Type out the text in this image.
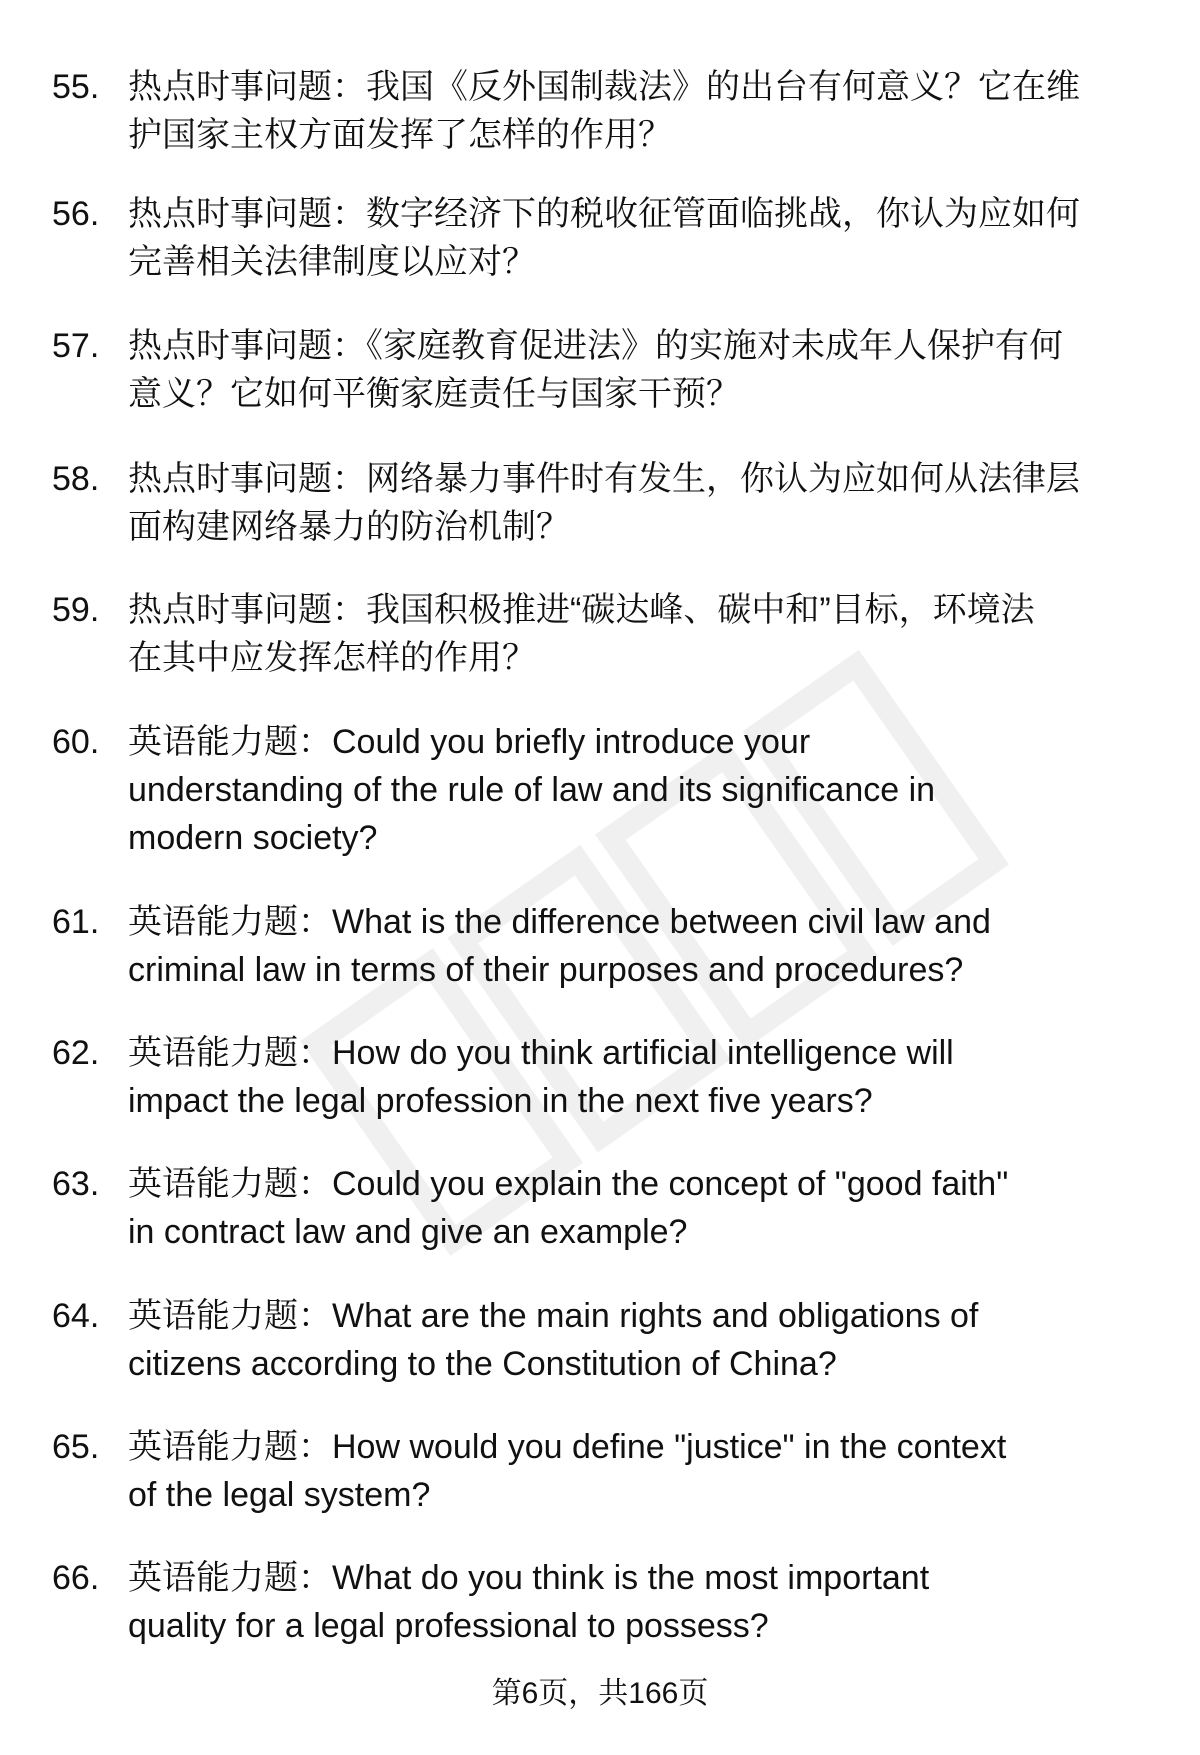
55. 热点时事问题：我国《反外国制裁法》的出台有何意义？它在维
护国家主权方面发挥了怎样的作用？
56. 热点时事问题：数字经济下的税收征管面临挑战，你认为应如何
完善相关法律制度以应对？
57. 热点时事问题：《家庭教育促进法》的实施对未成年人保护有何
意义？它如何平衡家庭责任与国家干预？
58. 热点时事问题：网络暴力事件时有发生，你认为应如何从法律层
面构建网络暴力的防治机制？
59. 热点时事问题：我国积极推进“碳达峰、碳中和”目标，环境法
在其中应发挥怎样的作用？
60. 英语能力题：Could you briefly introduce your
understanding of the rule of law and its significance in
modern society?
61. 英语能力题：What is the difference between civil law and
criminal law in terms of their purposes and procedures?
62. 英语能力题：How do you think artificial intelligence will
impact the legal profession in the next five years?
63. 英语能力题：Could you explain the concept of "good faith"
in contract law and give an example?
64. 英语能力题：What are the main rights and obligations of
citizens according to the Constitution of China?
65. 英语能力题：How would you define "justice" in the context
of the legal system?
66. 英语能力题：What do you think is the most important
quality for a legal professional to possess?
第6页，共166页
